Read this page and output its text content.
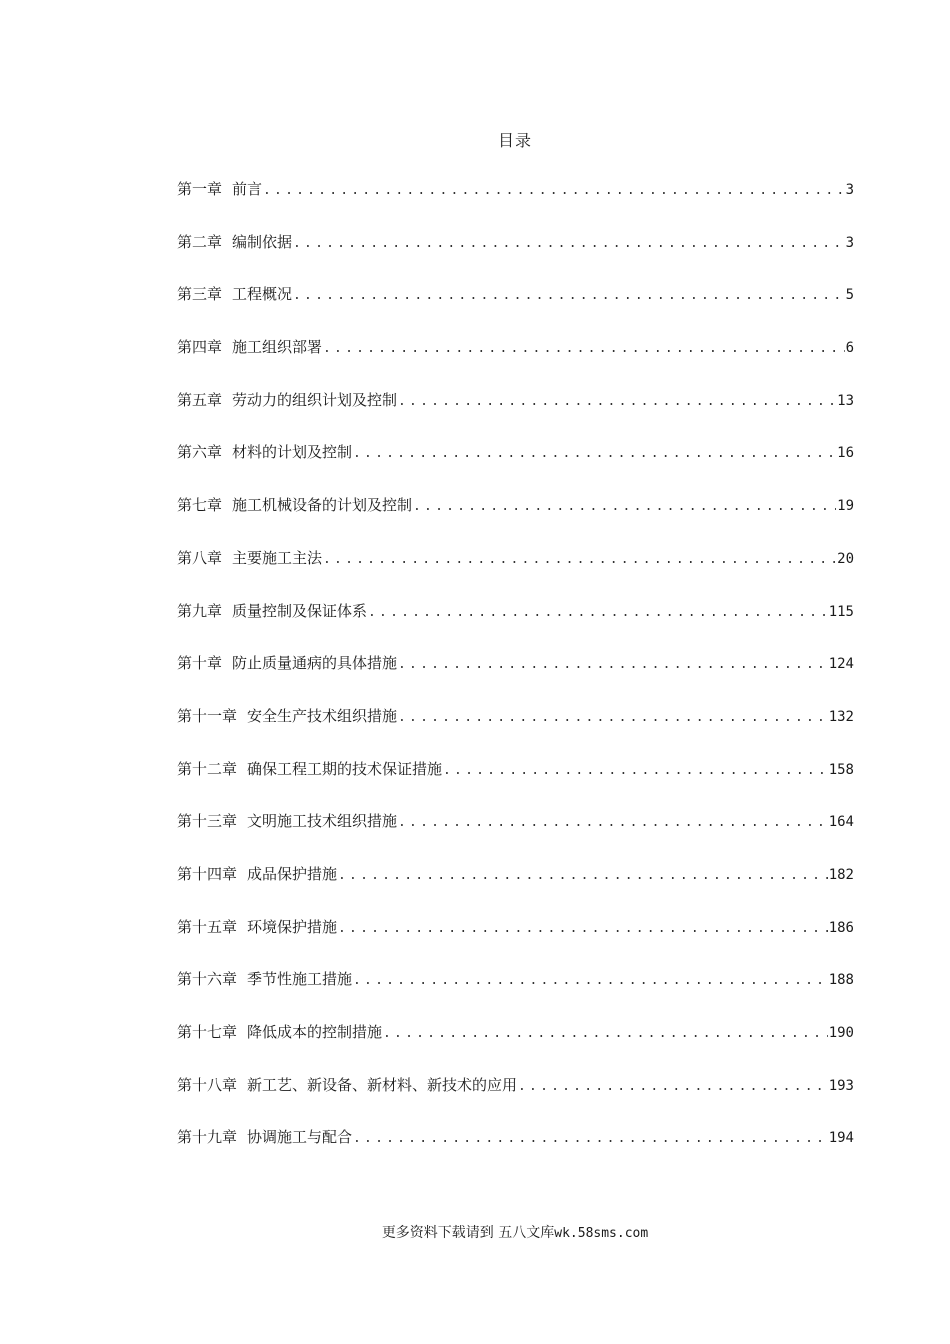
目录
第一章 前言 .....	3
第二章 编制依据 .....	3
第三章 工程概况 .....	5
第四章 施工组织部署 .....	6
第五章 劳动力的组织计划及控制 .....	13
第六章 材料的计划及控制 .....	16
第七章 施工机械设备的计划及控制 .....	19
第八章 主要施工主法 .....	20
第九章 质量控制及保证体系 .....	115
第十章 防止质量通病的具体措施 .....	124
第十一章 安全生产技术组织措施 .....	132
第十二章 确保工程工期的技术保证措施 .....	158
第十三章 文明施工技术组织措施 .....	164
第十四章 成品保护措施 .....	182
第十五章 环境保护措施 .....	186
第十六章 季节性施工措施 .....	188
第十七章 降低成本的控制措施 .....	190
第十八章 新工艺、新设备、新材料、新技术的应用 .....	193
第十九章 协调施工与配合 .....	194
更多资料下载请到 五八文库wk.58sms.com
